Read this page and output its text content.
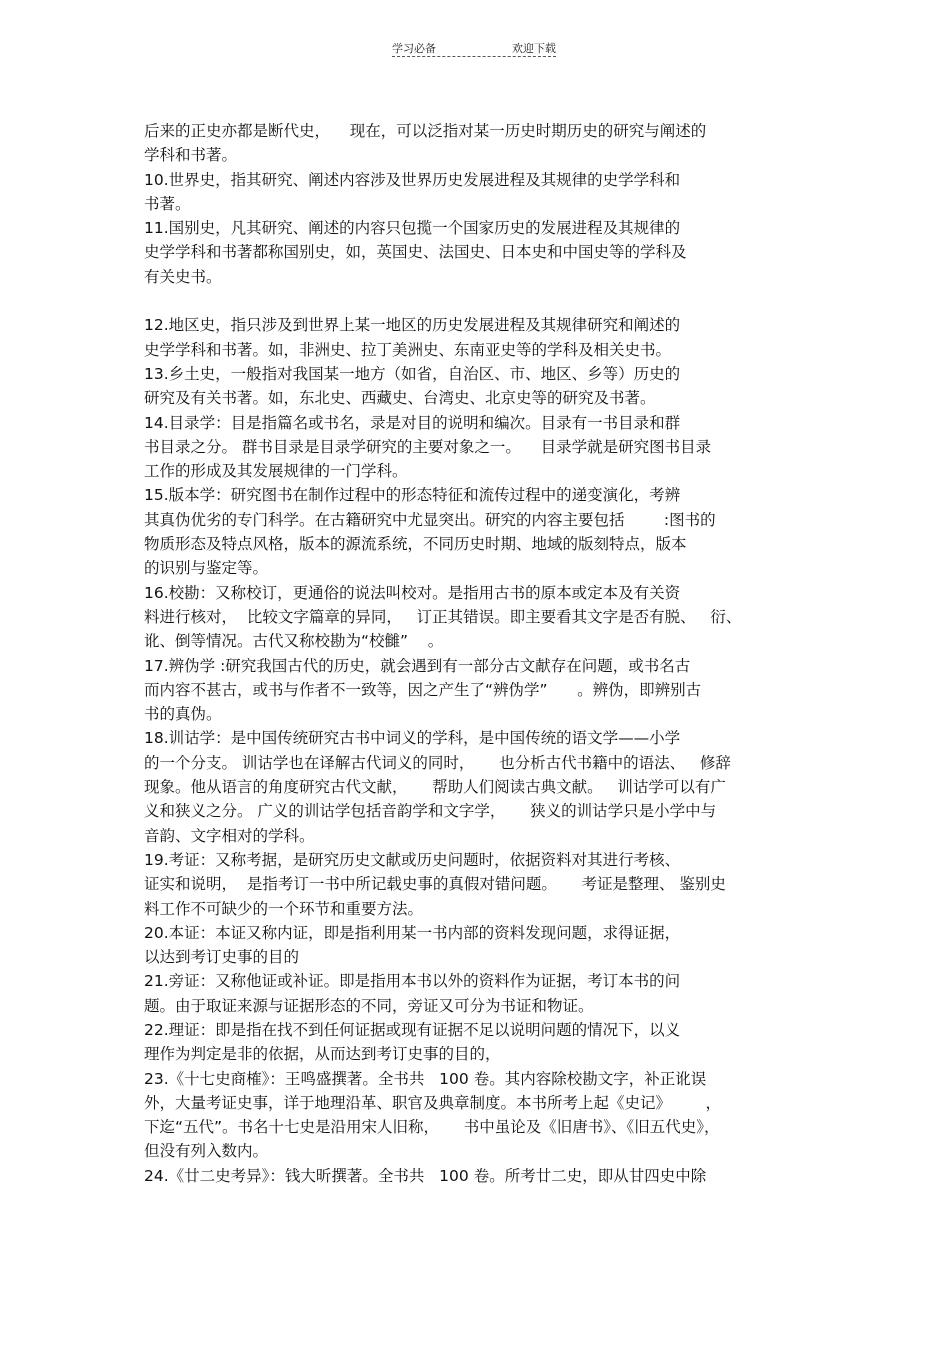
学习必备	欢迎下载
后来的正史亦都是断代史，    现在，可以泛指对某一历史时期历史的研究与阐述的
学科和书著。
10.世界史，指其研究、阐述内容涉及世界历史发展进程及其规律的史学学科和
书著。
11.国别史，凡其研究、阐述的内容只包揽一个国家历史的发展进程及其规律的
史学学科和书著都称国别史，如，英国史、法国史、日本史和中国史等的学科及
有关史书。
12.地区史，指只涉及到世界上某一地区的历史发展进程及其规律研究和阐述的
史学学科和书著。如，非洲史、拉丁美洲史、东南亚史等的学科及相关史书。
13.乡土史，一般指对我国某一地方（如省，自治区、市、地区、乡等）历史的
研究及有关书著。如，东北史、西藏史、台湾史、北京史等的研究及书著。
14.目录学：目是指篇名或书名，录是对目的说明和编次。目录有一书目录和群
书目录之分。 群书目录是目录学研究的主要对象之一。    目录学就是研究图书目录
工作的形成及其发展规律的一门学科。
15.版本学：研究图书在制作过程中的形态特征和流传过程中的递变演化，考辨
其真伪优劣的专门科学。在古籍研究中尤显突出。研究的内容主要包括        :图书的
物质形态及特点风格，版本的源流系统，不同历史时期、地域的版刻特点，版本
的识别与鉴定等。
16.校勘：又称校订，更通俗的说法叫校对。是指用古书的原本或定本及有关资
料进行核对，  比较文字篇章的异同，   订正其错误。即主要看其文字是否有脱、   衍、
讹、倒等情况。古代又称校勘为“校雠”    。
17.辨伪学 :研究我国古代的历史，就会遇到有一部分古文献存在问题，或书名古
而内容不甚古，或书与作者不一致等，因之产生了“辨伪学”      。辨伪，即辨别古
书的真伪。
18.训诂学：是中国传统研究古书中词义的学科，是中国传统的语文学——小学
的一个分支。 训诂学也在译解古代词义的同时，     也分析古代书籍中的语法、   修辞
现象。他从语言的角度研究古代文献，     帮助人们阅读古典文献。   训诂学可以有广
义和狭义之分。 广义的训诂学包括音韵学和文字学，     狭义的训诂学只是小学中与
音韵、文字相对的学科。
19.考证：又称考据，是研究历史文献或历史问题时，依据资料对其进行考核、
证实和说明，  是指考订一书中所记载史事的真假对错问题。     考证是整理、 鉴别史
料工作不可缺少的一个环节和重要方法。
20.本证：本证又称内证，即是指利用某一书内部的资料发现问题，求得证据，
以达到考订史事的目的
21.旁证：又称他证或补证。即是指用本书以外的资料作为证据，考订本书的问
题。由于取证来源与证据形态的不同，旁证又可分为书证和物证。
22.理证：即是指在找不到任何证据或现有证据不足以说明问题的情况下，以义
理作为判定是非的依据，从而达到考订史事的目的，
23.《十七史商榷》：王鸣盛撰著。全书共   100 卷。其内容除校勘文字，补正讹误
外，大量考证史事，详于地理沿革、职官及典章制度。本书所考上起《史记》       ，
下迄“五代”。书名十七史是沿用宋人旧称，     书中虽论及《旧唐书》、《旧五代史》，
但没有列入数内。
24.《廿二史考异》：钱大昕撰著。全书共   100 卷。所考廿二史，即从甘四史中除
